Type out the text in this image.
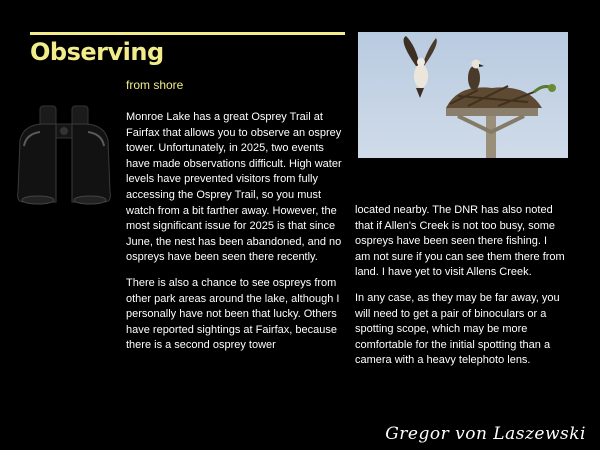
Observing
from shore

Monroe Lake has a great Osprey Trail at Fairfax that allows you to observe an osprey tower. Unfortunately, in 2025, two events have made observations difficult. High water levels have prevented visitors from fully accessing the Osprey Trail, so you must watch from a bit farther away. However, the most significant issue for 2025 is that since June, the nest has been abandoned, and no ospreys have been seen there recently.

There is also a chance to see ospreys from other park areas around the lake, although I personally have not been that lucky. Others have reported sightings at Fairfax, because there is a second osprey tower

located nearby. The DNR has also noted that if Allen's Creek is not too busy, some ospreys have been seen there fishing. I am not sure if you can see them there from land. I have yet to visit Allens Creek.

In any case, as they may be far away, you will need to get a pair of binoculars or a spotting scope, which may be more comfortable for the initial spotting than a camera with a heavy telephoto lens.

Gregor von Laszewski
